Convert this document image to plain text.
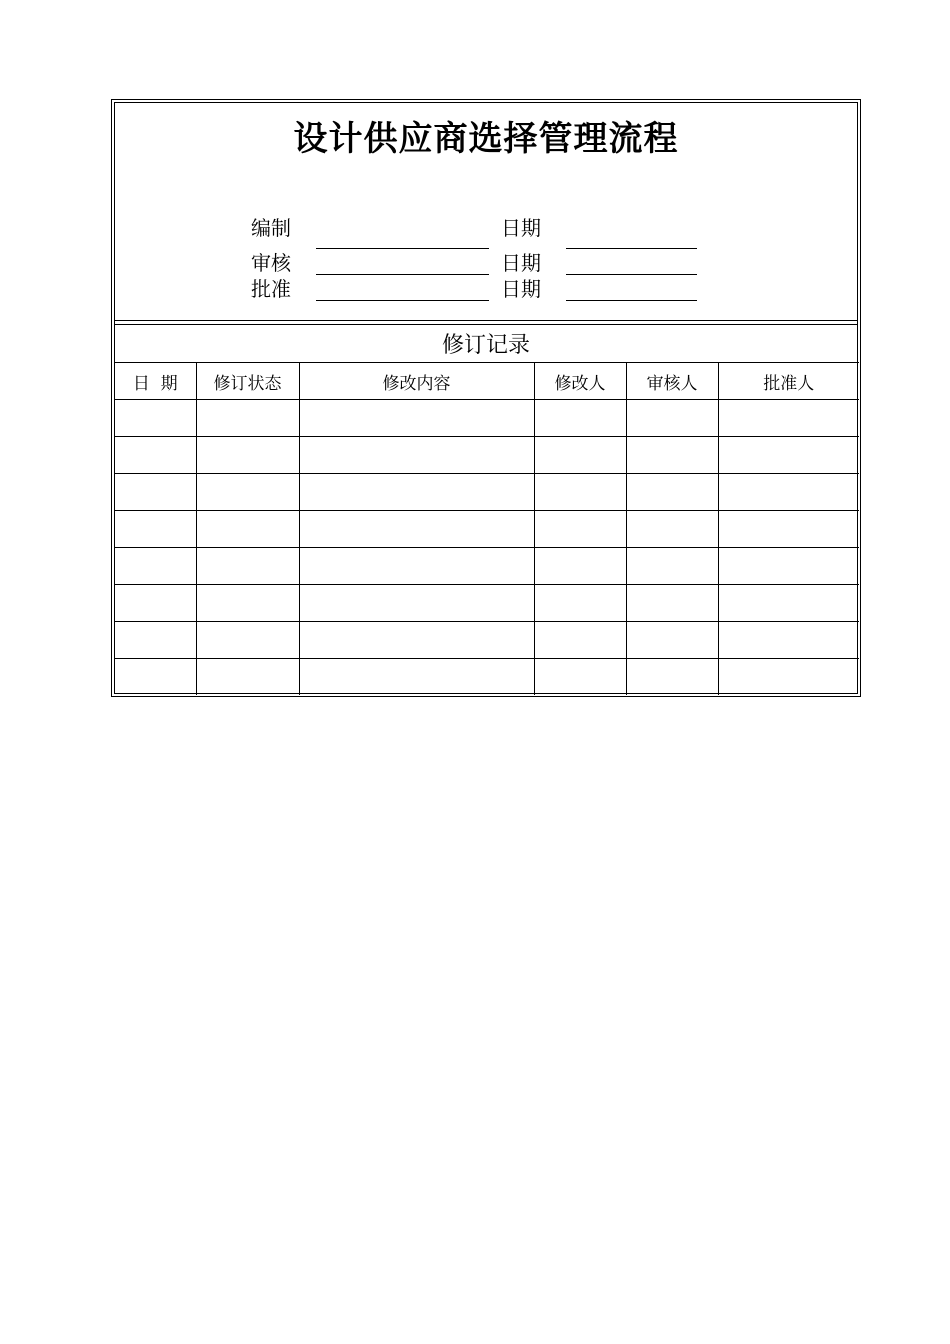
设计供应商选择管理流程
编制	日期
审核	日期
批准	日期
修订记录
日  期	修订状态	修改内容	修改人	审核人	批准人
